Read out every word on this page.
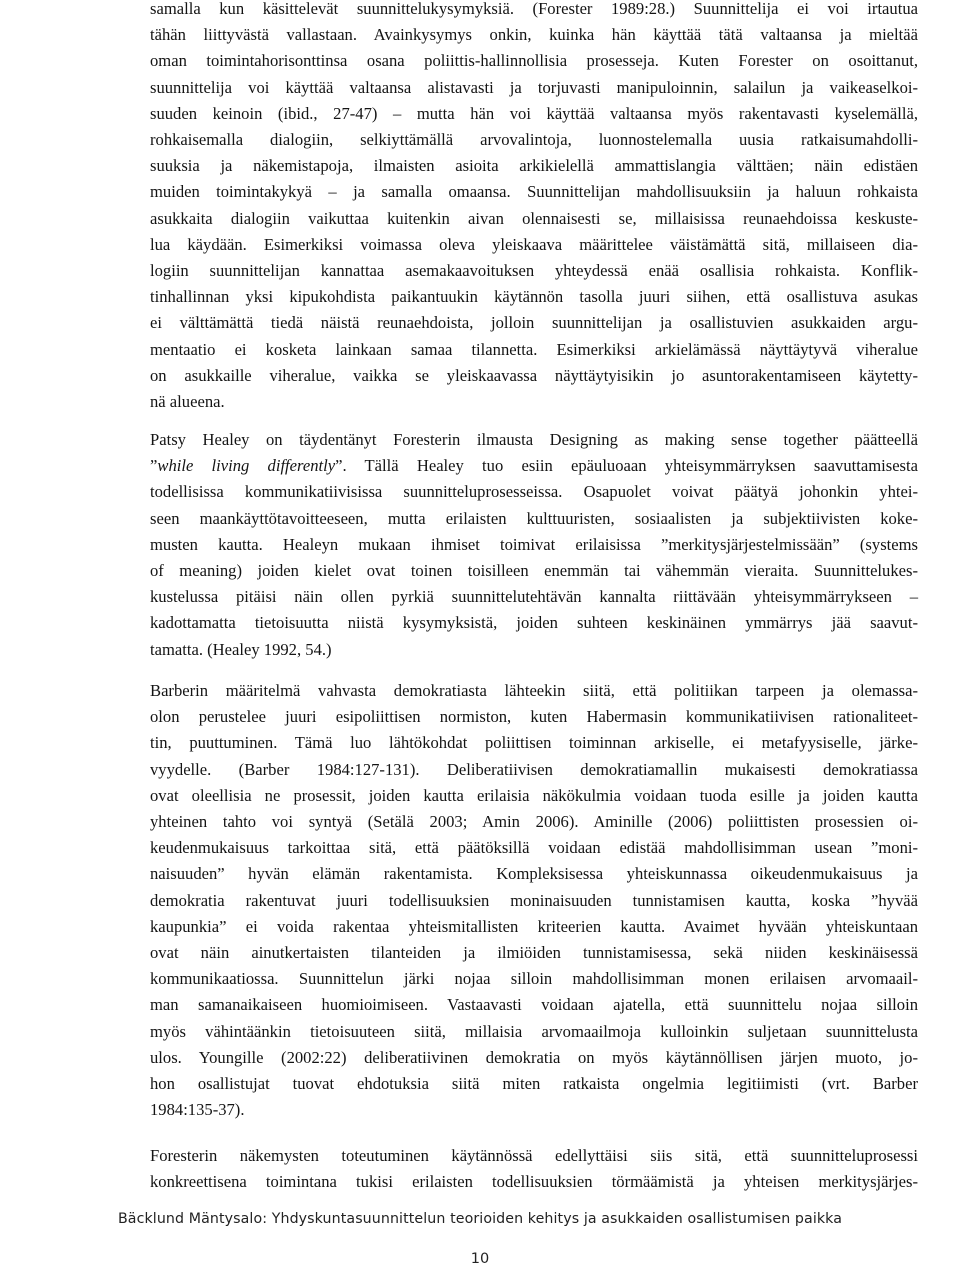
samalla kun käsittelevät suunnittelukysymyksiä. (Forester 1989:28.) Suunnittelija ei voi irtautua
tähän liittyvästä vallastaan. Avainkysymys onkin, kuinka hän käyttää tätä valtaansa ja mieltää
oman toimintahorisonttinsa osana poliittis-hallinnollisia prosesseja. Kuten Forester on osoittanut,
suunnittelija voi käyttää valtaansa alistavasti ja torjuvasti manipuloinnin, salailun ja vaikeaselkoi-
suuden keinoin (ibid., 27-47) – mutta hän voi käyttää valtaansa myös rakentavasti kyselemällä,
rohkaisemalla dialogiin, selkiyttämällä arvovalintoja, luonnostelemalla uusia ratkaisumahdolli-
suuksia ja näkemistapoja, ilmaisten asioita arkikielellä ammattislangia välttäen; näin edistäen
muiden toimintakykyä – ja samalla omaansa. Suunnittelijan mahdollisuuksiin ja haluun rohkaista
asukkaita dialogiin vaikuttaa kuitenkin aivan olennaisesti se, millaisissa reunaehdoissa keskuste-
lua käydään. Esimerkiksi voimassa oleva yleiskaava määrittelee väistämättä sitä, millaiseen dia-
logiin suunnittelijan kannattaa asemakaavoituksen yhteydessä enää osallisia rohkaista. Konflik-
tinhallinnan yksi kipukohdista paikantuukin käytännön tasolla juuri siihen, että osallistuva asukas
ei välttämättä tiedä näistä reunaehdoista, jolloin suunnittelijan ja osallistuvien asukkaiden argu-
mentaatio ei kosketa lainkaan samaa tilannetta. Esimerkiksi arkielämässä näyttäytyvä viheralue
on asukkaille viheralue, vaikka se yleiskaavassa näyttäytyisikin jo asuntorakentamiseen käytetty-
nä alueena.
Patsy Healey on täydentänyt Foresterin ilmausta Designing as making sense together päätteellä
”while living differently”. Tällä Healey tuo esiin epäuluoaan yhteisymmärryksen saavuttamisesta
todellisissa kommunikatiivisissa suunnitteluprosesseissa. Osapuolet voivat päätyä johonkin yhtei-
seen maankäyttötavoitteeseen, mutta erilaisten kulttuuristen, sosiaalisten ja subjektiivisten koke-
musten kautta. Healeyn mukaan ihmiset toimivat erilaisissa ”merkitysjärjestelmissään” (systems
of meaning) joiden kielet ovat toinen toisilleen enemmän tai vähemmän vieraita. Suunnittelukes-
kustelussa pitäisi näin ollen pyrkiä suunnittelutehtävän kannalta riittävään yhteisymmärrykseen –
kadottamatta tietoisuutta niistä kysymyksistä, joiden suhteen keskinäinen ymmärrys jää saavut-
tamatta. (Healey 1992, 54.)
Barberin määritelmä vahvasta demokratiasta lähteekin siitä, että politiikan tarpeen ja olemassa-
olon perustelee juuri esipoliittisen normiston, kuten Habermasin kommunikatiivisen rationaliteet-
tin, puuttuminen. Tämä luo lähtökohdat poliittisen toiminnan arkiselle, ei metafyysiselle, järke-
vyydelle. (Barber 1984:127-131). Deliberatiivisen demokratiamallin mukaisesti demokratiassa
ovat oleellisia ne prosessit, joiden kautta erilaisia näkökulmia voidaan tuoda esille ja joiden kautta
yhteinen tahto voi syntyä (Setälä 2003; Amin 2006). Aminille (2006) poliittisten prosessien oi-
keudenmukaisuus tarkoittaa sitä, että päätöksillä voidaan edistää mahdollisimman usean ”moni-
naisuuden” hyvän elämän rakentamista. Kompleksisessa yhteiskunnassa oikeudenmukaisuus ja
demokratia rakentuvat juuri todellisuuksien moninaisuuden tunnistamisen kautta, koska ”hyvää
kaupunkia” ei voida rakentaa yhteismitallisten kriteerien kautta. Avaimet hyvään yhteiskuntaan
ovat näin ainutkertaisten tilanteiden ja ilmiöiden tunnistamisessa, sekä niiden keskinäisessä
kommunikaatiossa. Suunnittelun järki nojaa silloin mahdollisimman monen erilaisen arvomaail-
man samanaikaiseen huomioimiseen. Vastaavasti voidaan ajatella, että suunnittelu nojaa silloin
myös vähintäänkin tietoisuuteen siitä, millaisia arvomaailmoja kulloinkin suljetaan suunnittelusta
ulos. Youngille (2002:22) deliberatiivinen demokratia on myös käytännöllisen järjen muoto, jo-
hon osallistujat tuovat ehdotuksia siitä miten ratkaista ongelmia legitiimisti (vrt. Barber
1984:135-37).
Foresterin näkemysten toteutuminen käytännössä edellyttäisi siis sitä, että suunnitteluprosessi
konkreettisena toimintana tukisi erilaisten todellisuuksien törmäämistä ja yhteisen merkitysjärjes-
Bäcklund Mäntysalo: Yhdyskuntasuunnittelun teorioiden kehitys ja asukkaiden osallistumisen paikka
10
